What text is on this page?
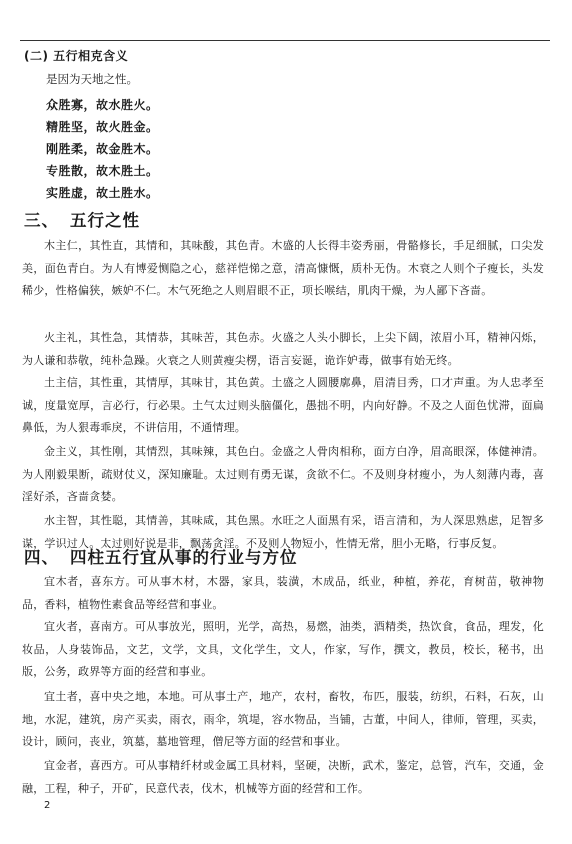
(二) 五行相克含义
是因为天地之性。
众胜寡，故水胜火。
精胜坚，故火胜金。
刚胜柔，故金胜木。
专胜散，故木胜土。
实胜虚，故土胜水。
三、 五行之性

木主仁，其性直，其情和，其味酸，其色青。木盛的人长得丰姿秀丽，骨骼修长，手足细腻，口尖发美，面色青白。为人有博爱恻隐之心，慈祥恺悌之意，清高慷慨，质朴无伪。木衰之人则个子瘦长，头发稀少，性格偏狭，嫉妒不仁。木气死绝之人则眉眼不正，项长喉结，肌肉干燥，为人鄙下吝啬。

火主礼，其性急，其情恭，其味苦，其色赤。火盛之人头小脚长，上尖下阔，浓眉小耳，精神闪烁，为人谦和恭敬，纯朴急躁。火衰之人则黄瘦尖楞，语言妄诞，诡诈妒毒，做事有始无终。

土主信，其性重，其情厚，其味甘，其色黄。土盛之人圆腰廓鼻，眉清目秀，口才声重。为人忠孝至诚，度量宽厚，言必行，行必果。土气太过则头脑僵化，愚拙不明，内向好静。不及之人面色忧滞，面扁鼻低，为人狠毒乖戾，不讲信用，不通情理。

金主义，其性刚，其情烈，其味辣，其色白。金盛之人骨肉相称，面方白净，眉高眼深，体健神清。为人刚毅果断，疏财仗义，深知廉耻。太过则有勇无谋，贪欲不仁。不及则身材瘦小，为人刻薄内毒，喜淫好杀，吝啬贪婪。

水主智，其性聪，其情善，其味咸，其色黑。水旺之人面黑有采，语言清和，为人深思熟虑，足智多谋，学识过人。太过则好说是非，飘荡贪淫。不及则人物短小，性情无常，胆小无略，行事反复。

四、 四柱五行宜从事的行业与方位

宜木者，喜东方。可从事木材，木器，家具，装潢，木成品，纸业，种植，养花，育树苗，敬神物品，香料，植物性素食品等经营和事业。

宜火者，喜南方。可从事放光，照明，光学，高热，易燃，油类，酒精类，热饮食，食品，理发，化妆品，人身装饰品，文艺，文学，文具，文化学生，文人，作家，写作，撰文，教员，校长，秘书，出版，公务，政界等方面的经营和事业。

宜土者，喜中央之地，本地。可从事土产，地产，农村，畜牧，布匹，服装，纺织，石料，石灰，山地，水泥，建筑，房产买卖，雨衣，雨伞，筑堤，容水物品，当铺，古董，中间人，律师，管理，买卖，设计，顾问，丧业，筑墓，墓地管理，僧尼等方面的经营和事业。

宜金者，喜西方。可从事精纤材或金属工具材料，坚硬，决断，武术，鉴定，总管，汽车，交通，金融，工程，种子，开矿，民意代表，伐木，机械等方面的经营和工作。

2
